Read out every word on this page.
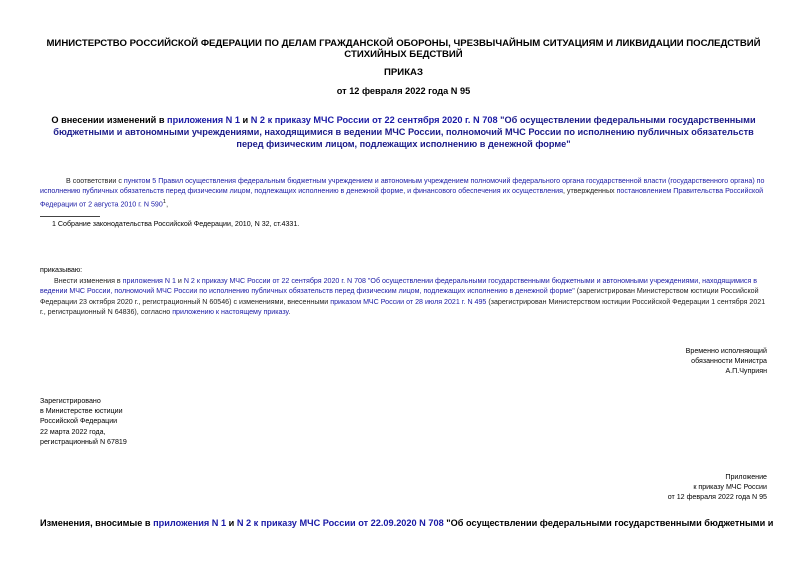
МИНИСТЕРСТВО РОССИЙСКОЙ ФЕДЕРАЦИИ ПО ДЕЛАМ ГРАЖДАНСКОЙ ОБОРОНЫ, ЧРЕЗВЫЧАЙНЫМ СИТУАЦИЯМ И ЛИКВИДАЦИИ ПОСЛЕДСТВИЙ СТИХИЙНЫХ БЕДСТВИЙ
ПРИКАЗ
от 12 февраля 2022 года N 95
О внесении изменений в приложения N 1 и N 2 к приказу МЧС России от 22 сентября 2020 г. N 708 "Об осуществлении федеральными государственными бюджетными и автономными учреждениями, находящимися в ведении МЧС России, полномочий МЧС России по исполнению публичных обязательств перед физическим лицом, подлежащих исполнению в денежной форме"
В соответствии с пунктом 5 Правил осуществления федеральным бюджетным учреждением и автономным учреждением полномочий федерального органа государственной власти (государственного органа) по исполнению публичных обязательств перед физическим лицом, подлежащих исполнению в денежной форме, и финансового обеспечения их осуществления, утвержденных постановлением Правительства Российской Федерации от 2 августа 2010 г. N $590^1$,
1 Собрание законодательства Российской Федерации, 2010, N 32, ст.4331.
приказываю:
Внести изменения в приложения N 1 и N 2 к приказу МЧС России от 22 сентября 2020 г. N 708 "Об осуществлении федеральными государственными бюджетными и автономными учреждениями, находящимися в ведении МЧС России, полномочий МЧС России по исполнению публичных обязательств перед физическим лицом, подлежащих исполнению в денежной форме" (зарегистрирован Министерством юстиции Российской Федерации 23 октября 2020 г., регистрационный N 60546) с изменениями, внесенными приказом МЧС России от 28 июля 2021 г. N 495 (зарегистрирован Министерством юстиции Российской Федерации 1 сентября 2021 г., регистрационный N 64836), согласно приложению к настоящему приказу.
Временно исполняющий
обязанности Министра
А.П.Чуприян
Зарегистрировано
в Министерстве юстиции
Российской Федерации
22 марта 2022 года,
регистрационный N 67819
Приложение
к приказу МЧС России
от 12 февраля 2022 года N 95
Изменения, вносимые в приложения N 1 и N 2 к приказу МЧС России от 22.09.2020 N 708 "Об осуществлении федеральными государственными бюджетными и
